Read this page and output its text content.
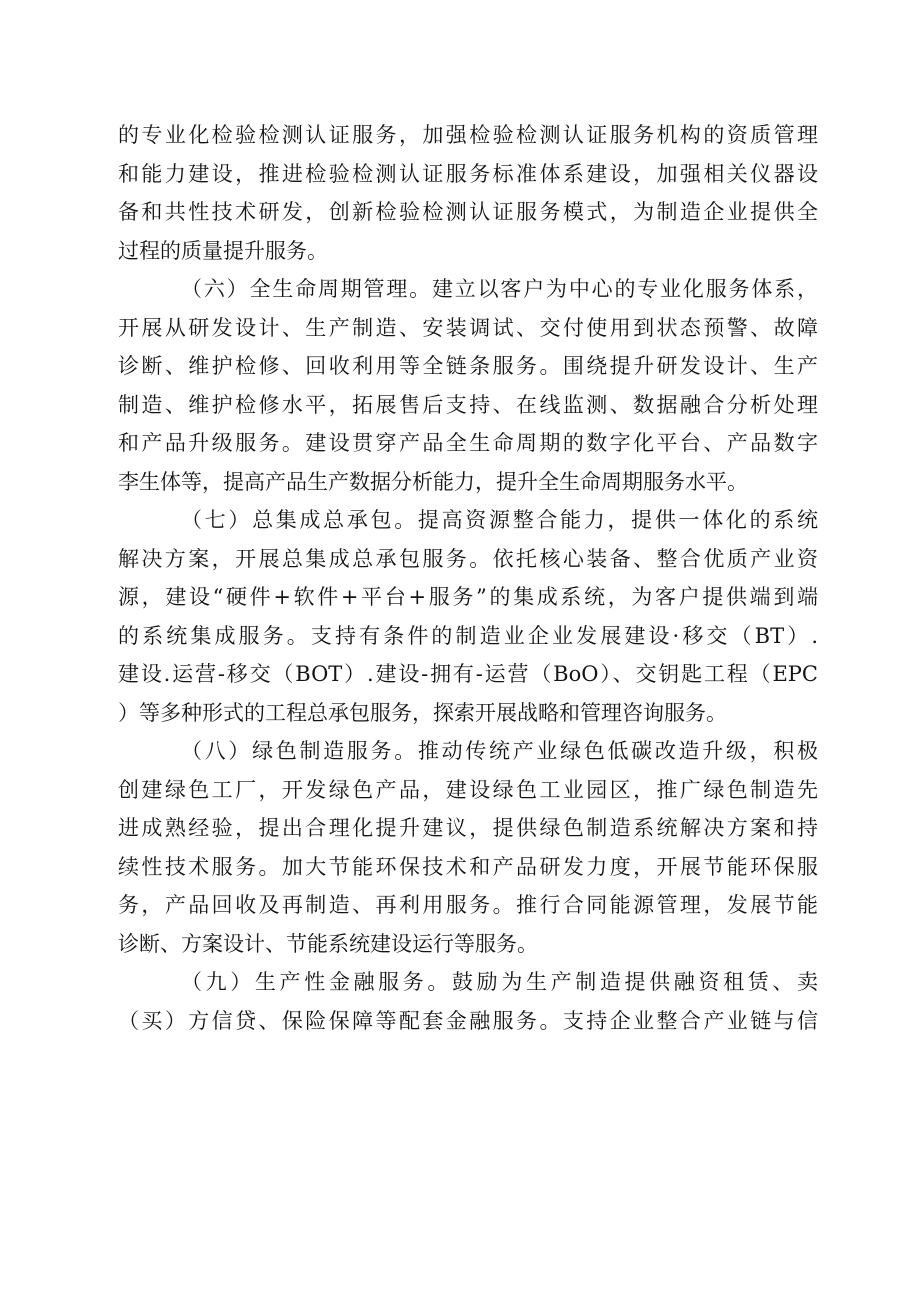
的专业化检验检测认证服务，加强检验检测认证服务机构的资质管理
和能力建设，推进检验检测认证服务标准体系建设，加强相关仪器设
备和共性技术研发，创新检验检测认证服务模式，为制造企业提供全
过程的质量提升服务。
（六）全生命周期管理。建立以客户为中心的专业化服务体系，
开展从研发设计、生产制造、安装调试、交付使用到状态预警、故障
诊断、维护检修、回收利用等全链条服务。围绕提升研发设计、生产
制造、维护检修水平，拓展售后支持、在线监测、数据融合分析处理
和产品升级服务。建设贯穿产品全生命周期的数字化平台、产品数字
李生体等，提高产品生产数据分析能力，提升全生命周期服务水平。
（七）总集成总承包。提高资源整合能力，提供一体化的系统
解决方案，开展总集成总承包服务。依托核心装备、整合优质产业资
源，建设“硬件+软件+平台+服务”的集成系统，为客户提供端到端
的系统集成服务。支持有条件的制造业企业发展建设·移交（BT）.
建设.运营-移交（BOT）.建设-拥有-运营（BoO）、交钥匙工程（EPC
）等多种形式的工程总承包服务，探索开展战略和管理咨询服务。
（八）绿色制造服务。推动传统产业绿色低碳改造升级，积极
创建绿色工厂，开发绿色产品，建设绿色工业园区，推广绿色制造先
进成熟经验，提出合理化提升建议，提供绿色制造系统解决方案和持
续性技术服务。加大节能环保技术和产品研发力度，开展节能环保服
务，产品回收及再制造、再利用服务。推行合同能源管理，发展节能
诊断、方案设计、节能系统建设运行等服务。
（九）生产性金融服务。鼓励为生产制造提供融资租赁、卖
（买）方信贷、保险保障等配套金融服务。支持企业整合产业链与信
